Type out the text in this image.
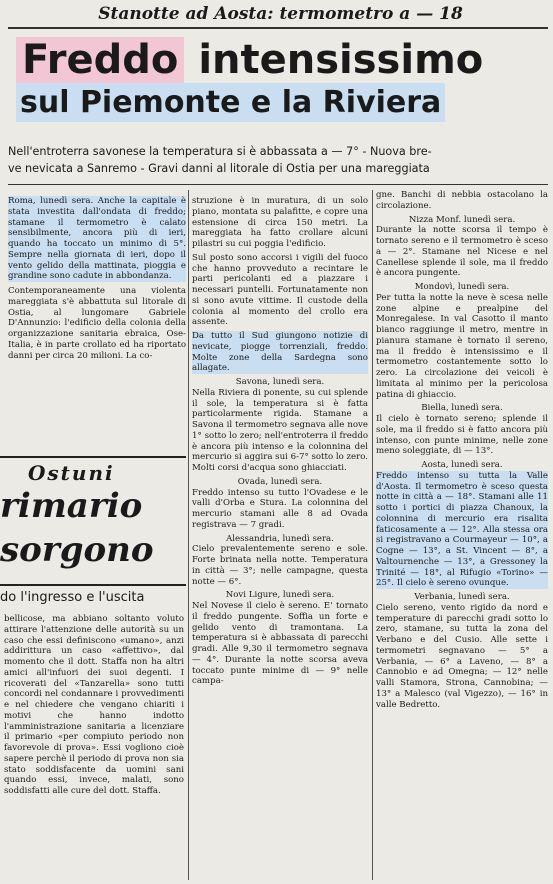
Stanotte ad Aosta: termometro a — 18
Freddo intensissimo
sul Piemonte e la Riviera
Nell'entroterra savonese la temperatura si è abbassata a — 7° - Nuova bre-
ve nevicata a Sanremo - Gravi danni al litorale di Ostia per una mareggiata

Roma, lunedì sera. Anche la capitale è stata investita dall'ondata di freddo; stamane il termometro è calato sensibilmente, ancora più di ieri, quando ha toccato un minimo di 5°. Sempre nella giornata di ieri, dopo il vento gelido della mattinata, pioggia e grandine sono cadute in abbondanza.

Contemporaneamente una violenta mareggiata s'è abbattuta sul litorale di Ostia, al lungomare Gabriele D'Annunzio: l'edificio della colonia della organizzazione sanitaria ebraica, Ose-Italia, è in parte crollato ed ha riportato danni per circa 20 milioni. La co-

Ostuni
rimario
sorgono
do l'ingresso e l'uscita

bellicose, ma abbiano soltanto voluto attirare l'attenzione delle autorità su un caso che essi definiscono «umano», anzi addirittura un caso «affettivo», dal momento che il dott. Staffa non ha altri amici all'infuori dei suoi degenti. I ricoverati del «Tanzarella» sono tutti concordi nel condannare i provvedimenti e nel chiedere che vengano chiariti i motivi che hanno indotto l'amministrazione sanitaria a licenziare il primario «per compiuto periodo non favorevole di prova». Essi vogliono cioè sapere perchè il periodo di prova non sia stato soddisfacente da uomini sani quando essi, invece, malati, sono soddisfatti alle cure del dott. Staffa.

struzione è in muratura, di un solo piano, montata su palafitte, e copre una estensione di circa 150 metri. La mareggiata ha fatto crollare alcuni pilastri su cui poggia l'edificio.

Sul posto sono accorsi i vigili del fuoco che hanno provveduto a recintare le parti pericolanti ed a piazzare i necessari puntelli. Fortunatamente non si sono avute vittime. Il custode della colonia al momento del crollo era assente.

Da tutto il Sud giungono notizie di nevicate, piogge torrenziali, freddo. Molte zone della Sardegna sono allagate.

Savona, lunedì sera.

Nella Riviera di ponente, su cui splende il sole, la temperatura si è fatta particolarmente rigida. Stamane a Savona il termometro segnava alle nove 1° sotto lo zero; nell'entroterra il freddo è ancora più intenso e la colonnina del mercurio si aggira sui 6-7° sotto lo zero. Molti corsi d'acqua sono ghiacciati.

Ovada, lunedì sera.

Freddo intenso su tutto l'Ovadese e le valli d'Orba e Stura. La colonnina del mercurio stamani alle 8 ad Ovada registrava — 7 gradi.

Alessandria, lunedì sera.

Cielo prevalentemente sereno e sole. Forte brinata nella notte. Temperatura in città — 3°; nelle campagne, questa notte — 6°.

Novi Ligure, lunedì sera.

Nel Novese il cielo è sereno. E' tornato il freddo pungente. Soffia un forte e gelido vento di tramontana. La temperatura si è abbassata di parecchi gradi. Alle 9,30 il termometro segnava — 4°. Durante la notte scorsa aveva toccato punte minime di — 9° nelle campa-

gne. Banchi di nebbia ostacolano la circolazione.

Nizza Monf. lunedì sera.

Durante la notte scorsa il tempo è tornato sereno e il termometro è sceso a — 2°. Stamane nel Nicese e nel Canellese splende il sole, ma il freddo è ancora pungente.

Mondovì, lunedì sera.

Per tutta la notte la neve è scesa nelle zone alpine e prealpine del Monregalese. In val Casotto il manto bianco raggiunge il metro, mentre in pianura stamane è tornato il sereno, ma il freddo è intensissimo e il termometro costantemente sotto lo zero. La circolazione dei veicoli è limitata al minimo per la pericolosa patina di ghiaccio.

Biella, lunedì sera.

Il cielo è tornato sereno; splende il sole, ma il freddo si è fatto ancora più intenso, con punte minime, nelle zone meno soleggiate, di — 13°.

Aosta, lunedì sera.

Freddo intenso su tutta la Valle d'Aosta. Il termometro è sceso questa notte in città a — 18°. Stamani alle 11 sotto i portici di piazza Chanoux, la colonnina di mercurio era risalita faticosamente a — 12°. Alla stessa ora si registravano a Courmayeur — 10°, a Cogne — 13°, a St. Vincent — 8°, a Valtournenche — 13°, a Gressoney la Trinité — 18°, al Rifugio «Torino» — 25°. Il cielo è sereno ovunque.

Verbania, lunedì sera.

Cielo sereno, vento rigido da nord e temperature di parecchi gradi sotto lo zero, stamane, su tutta la zona del Verbano e del Cusio. Alle sette i termometri segnavano — 5° a Verbania, — 6° a Laveno, — 8° a Cannobio e ad Omegna; — 12° nelle valli Stamora, Strona, Cannobina; — 13° a Malesco (val Vigezzo), — 16° in valle Bedretto.
